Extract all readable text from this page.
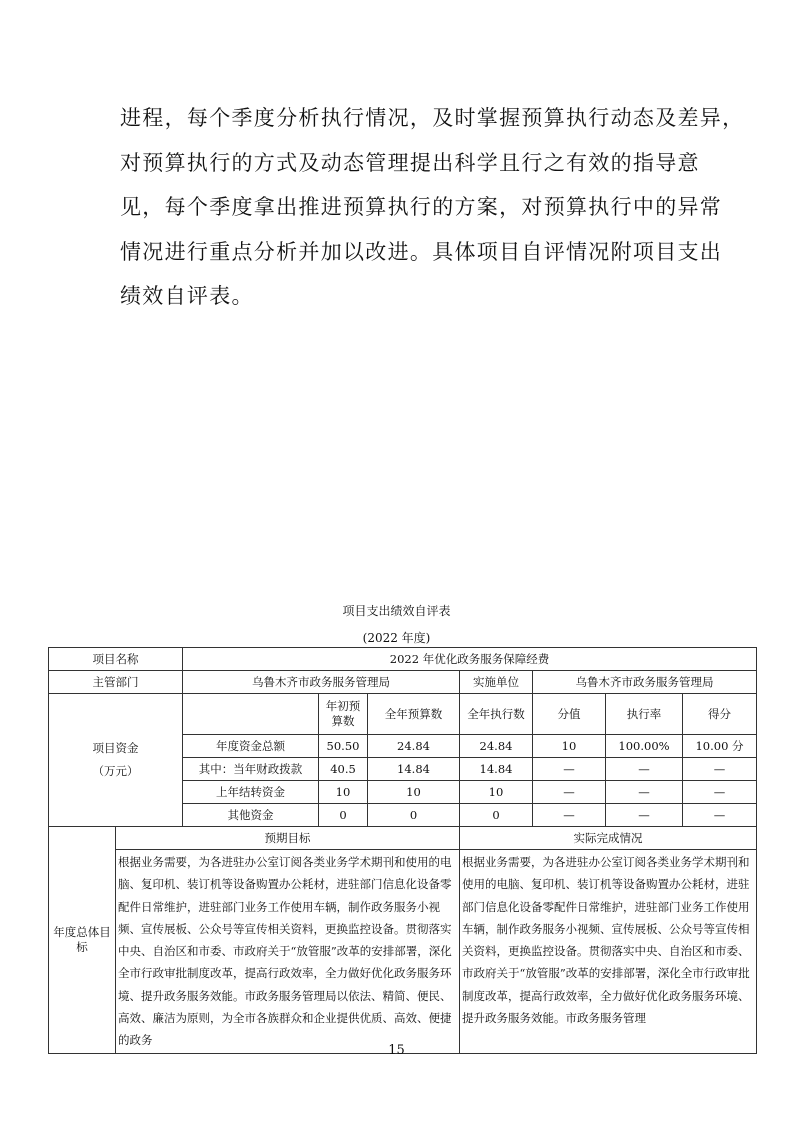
进程，每个季度分析执行情况，及时掌握预算执行动态及差异，
对预算执行的方式及动态管理提出科学且行之有效的指导意
见，每个季度拿出推进预算执行的方案，对预算执行中的异常
情况进行重点分析并加以改进。具体项目自评情况附项目支出
绩效自评表。
项目支出绩效自评表
(2022 年度)
项目名称		2022 年优化政务服务保障经费						
主管部门		乌鲁木齐市政务服务管理局			实施单位	乌鲁木齐市政务服务管理局		

项目资金
（万元）			年初预算数	全年预算数	全年执行数	分值	执行率	得分
		年度资金总额	50.50	24.84	24.84	10	100.00%	10.00 分
		其中：当年财政拨款	40.5	14.84	14.84	—	—	—
		上年结转资金	10	10	10	—	—	—
		其他资金	0	0	0	—	—	—
年度总体目标	预期目标				实际完成情况			
	根据业务需要，为各进驻办公室订阅各类业务学术期刊和使用的电脑、复印机、装订机等设备购置办公耗材，进驻部门信息化设备零配件日常维护，进驻部门业务工作使用车辆，制作政务服务小视频、宣传展板、公众号等宣传相关资料，更换监控设备。贯彻落实中央、自治区和市委、市政府关于“放管服”改革的安排部署，深化全市行政审批制度改革，提高行政效率，全力做好优化政务服务环境、提升政务服务效能。市政务服务管理局以依法、精简、便民、高效、廉洁为原则，为全市各族群众和企业提供优质、高效、便捷的政务				根据业务需要，为各进驻办公室订阅各类业务学术期刊和使用的电脑、复印机、装订机等设备购置办公耗材，进驻部门信息化设备零配件日常维护，进驻部门业务工作使用车辆，制作政务服务小视频、宣传展板、公众号等宣传相关资料，更换监控设备。贯彻落实中央、自治区和市委、市政府关于“放管服”改革的安排部署，深化全市行政审批制度改革，提高行政效率，全力做好优化政务服务环境、提升政务服务效能。市政务服务管理			
15
